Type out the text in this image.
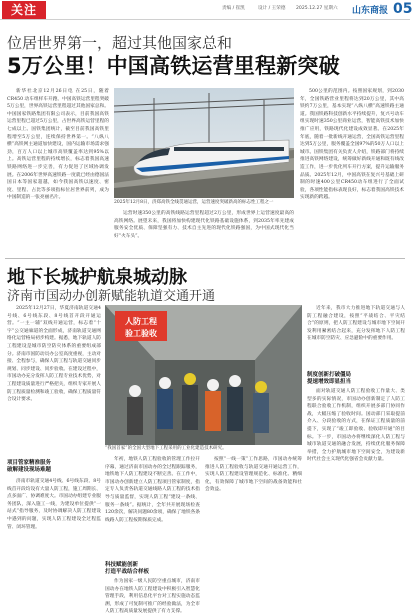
关注	责编 / 崔凯	设计 / 王荣德 2025.12.27 星期六 山东商报 05
位居世界第一，超过其他国家总和
5万公里！中国高铁运营里程新突破

新华社北京12月26日电 在25日，随着 CR450 动车组样车开跑、中国高铁运营里程突破5万公里，世界高铁运营里程超过其他国家总和。中国国家铁路集团有限公司表示，目前我国高铁运营里程已超过5万公里，占世界高铁运营里程的七成以上。国铁集团统计，截至目前我国高铁里程增至5万公里，连续保持世界第一。“八纵八横”高铁网主通道加快建设，国内运输市场需求强劲，百万人口以上城市高铁覆盖率达到95%以上。高铁运营里程的持续增长，标志着我国高速铁路网络进一步完善，有力促进了区域协调发展。在2006年世界高速铁路一度就已经由德国法国日本等国家超越，如今我国高铁以速度、密度、里程、占比等多项指标位居世界前列，成为中国制造的一张亮丽名片。

2025年12月8日，济郑高铁全线贯通运营，运营速度突破新高的标志性工程之一

运营时速350公里的高铁线路运营里程超过2万公里，形成世界上运营速度最高的高铁网络。展望未来，我国将加快构建现代化铁路基础设施体系，到2035年率先建成服务安全优质、保障坚强有力、技术自主先进的现代化铁路强国，为中国式现代化当好“火车头”。

500公里的范围内。按照国家规划，到2030年，全国铁路营业里程将达到20万公里，其中高铁约7万公里，基本实现“八纵八横”高速铁路主通道。我国铁路科技创新水平持续提升，复兴号动车组实现时速350公里商业运营，智能高铁技术加快推广应用，铁路现代化建设成效显著。在2025年年底，随着一批新线开通运营，全国高铁运营里程达到5万公里，服务覆盖全国97%的50万人口以上城市。国铁集团有关负责人介绍，铁路部门将持续推进高铁网络建设，统筹做好新线开通和既有线改造工作，进一步优化列车开行方案，提升运输服务品质。2025年12月，中国高铁在复兴号基础上研制的时速400公里CR450动车组进行了全面试验，各项性能指标表现良好，标志着我国高铁技术实现新的跨越。

地下长城护航泉城动脉
济南市国动办创新赋能轨道交通开通

2025年12月27日，华夏济南轨道交通4号线、6号线东段、8号线首开段开通运营。“一主一辅”双线开通运营，标志着“十字”公交通廊道的全面形成，济南轨道交通网络化运营格局初步构建。据悉，地下轨道人防工程建设是城市防空防灾体系的重要组成部分。济南市国防动员办公室高度重视，主动对接、全程参与，确保人防工程与轨道交通同步规划、同步建设、同步验收。在建设过程中，市国动办充分发挥人防工程专业技术优势，对工程建设质量进行严格把关，组织专家开展人防工程质量检测和竣工验收，确保工程质量符合设计要求。

人防工程
验工验收
“我国首家”的全国大型地下工程采用的工业化建造技术研究。
项目管家精准服务
破解建设现场难题

济南市轨道交通4号线、6号线东段、8号线首开段均设有大量人防工程，施工周期长、点多面广、协调难度大。市国动办组建专业服务团队，深入施工一线，为建设单位提供“一站式”指导服务，及时协调解决人防工程建设中遇到的问题，实现人防工程建设全过程监管、闭环管理。

年初，地铁人防工程验收的管理工作拉开序幕，通过济南市国动办的全过程跟踪服务，地铁地下人防工程建设不断完善。在工作中，市国动办创新建立人防工程项目管家制度，指定专人负责各轨道交通线路人防工程的技术指导与质量监督，实现人防工程“建设一条线、服务一条线”。据统计，全年共开展现场检查120余次，解决问题80余项，确保了地铁各条线路人防工程按期保质完成。

科技赋能创新
打造平战结合样板

作为国家一级人民防空重点城市，济南市国动办在地铁人防工程建设中积极引入智慧化管理手段，利用信息化平台对工程实施动态监测，形成了可复制可推广的经验做法，为全市人防工程高质量发展提供了有力支撑。

按照“一线一策”工作思路，市国动办统筹推进人防工程验收与轨道交通开通运营工作，实现人防工程建设管理规范化、标准化、精细化，有效保障了城市地下空间的战备效能和社会效益。

近年来，我市大力推进地下轨道交通与人防工程融合建设，按照“平战结合、平灾结合”的原则，把人防工程建设与城市地下空间开发利用紧密结合起来，充分发挥地下人防工程在城市防空防灾、应急避险中的重要作用。

制度创新打破僵局
提速增效即显担当

面对轨道交通人防工程验收工作量大、类型多的实际情况，市国动办创新制定了人防工程联合验收工作机制，组织开展多部门协同作战，大幅压缩了验收时间。国动部门采取提前介入、分段验收的方式，在保证工程质量的前提下，实现了“竣工即验收、验收即开通”的目标。下一步，市国动办将继续深化人防工程与城市轨道交通的融合发展，持续优化服务保障举措，全力护航城市地下空间安全，为建设新时代社会主义现代化强省会贡献力量。
